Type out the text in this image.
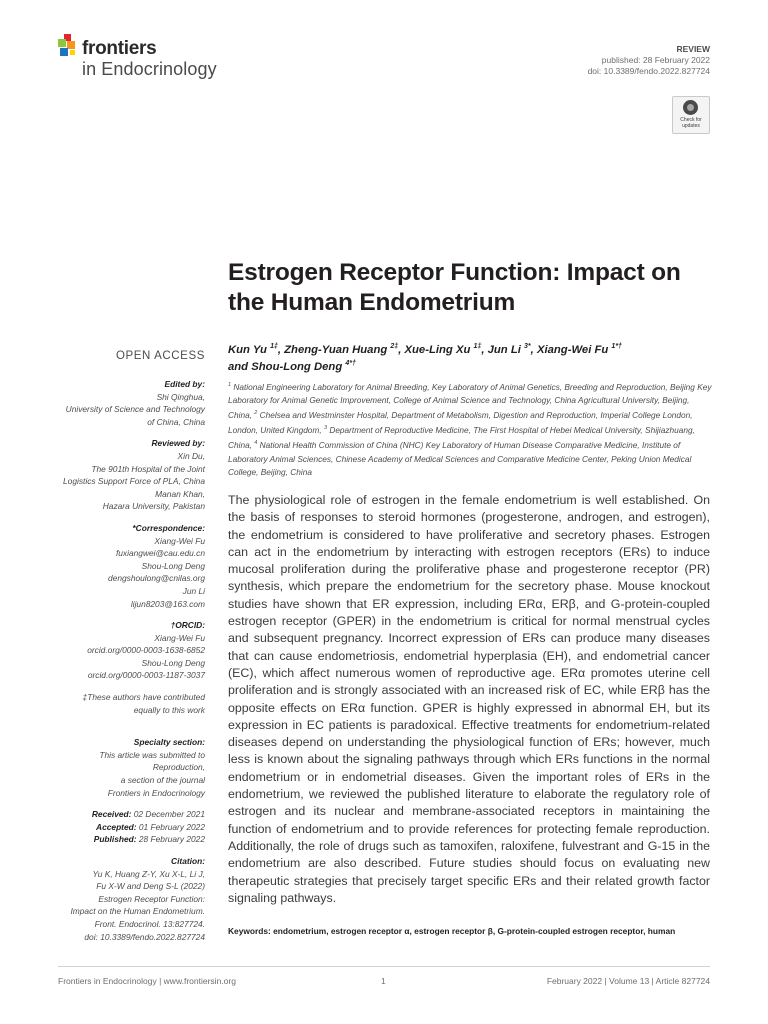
frontiers
in Endocrinology
REVIEW
published: 28 February 2022
doi: 10.3389/fendo.2022.827724
Check for updates
Estrogen Receptor Function: Impact on the Human Endometrium
Kun Yu $^{1\ddagger}$, Zheng-Yuan Huang $^{2\ddagger}$, Xue-Ling Xu $^{1\ddagger}$, Jun Li $^{3*}$, Xiang-Wei Fu $^{1*\dagger}$
and Shou-Long Deng $^{4*\dagger}$
$^1$ National Engineering Laboratory for Animal Breeding, Key Laboratory of Animal Genetics, Breeding and Reproduction, Beijing Key Laboratory for Animal Genetic Improvement, College of Animal Science and Technology, China Agricultural University, Beijing, China, $^2$ Chelsea and Westminster Hospital, Department of Metabolism, Digestion and Reproduction, Imperial College London, London, United Kingdom, $^3$ Department of Reproductive Medicine, The First Hospital of Hebei Medical University, Shijiazhuang, China, $^4$ National Health Commission of China (NHC) Key Laboratory of Human Disease Comparative Medicine, Institute of Laboratory Animal Sciences, Chinese Academy of Medical Sciences and Comparative Medicine Center, Peking Union Medical College, Beijing, China
OPEN ACCESS
Edited by:
Shi Qinghua,
University of Science and Technology
of China, China
Reviewed by:
Xin Du,
The 901th Hospital of the Joint
Logistics Support Force of PLA, China
Manan Khan,
Hazara University, Pakistan
*Correspondence:
Xiang-Wei Fu
fuxiangwei@cau.edu.cn
Shou-Long Deng
dengshoulong@cnilas.org
Jun Li
lijun8203@163.com
†ORCID:
Xiang-Wei Fu
orcid.org/0000-0003-1638-6852
Shou-Long Deng
orcid.org/0000-0003-1187-3037
‡These authors have contributed
equally to this work
Specialty section:
This article was submitted to
Reproduction,
a section of the journal
Frontiers in Endocrinology
Received: 02 December 2021
Accepted: 01 February 2022
Published: 28 February 2022
Citation:
Yu K, Huang Z-Y, Xu X-L, Li J,
Fu X-W and Deng S-L (2022)
Estrogen Receptor Function:
Impact on the Human Endometrium.
Front. Endocrinol. 13:827724.
doi: 10.3389/fendo.2022.827724
The physiological role of estrogen in the female endometrium is well established. On the basis of responses to steroid hormones (progesterone, androgen, and estrogen), the endometrium is considered to have proliferative and secretory phases. Estrogen can act in the endometrium by interacting with estrogen receptors (ERs) to induce mucosal proliferation during the proliferative phase and progesterone receptor (PR) synthesis, which prepare the endometrium for the secretory phase. Mouse knockout studies have shown that ER expression, including ERα, ERβ, and G-protein-coupled estrogen receptor (GPER) in the endometrium is critical for normal menstrual cycles and subsequent pregnancy. Incorrect expression of ERs can produce many diseases that can cause endometriosis, endometrial hyperplasia (EH), and endometrial cancer (EC), which affect numerous women of reproductive age. ERα promotes uterine cell proliferation and is strongly associated with an increased risk of EC, while ERβ has the opposite effects on ERα function. GPER is highly expressed in abnormal EH, but its expression in EC patients is paradoxical. Effective treatments for endometrium-related diseases depend on understanding the physiological function of ERs; however, much less is known about the signaling pathways through which ERs functions in the normal endometrium or in endometrial diseases. Given the important roles of ERs in the endometrium, we reviewed the published literature to elaborate the regulatory role of estrogen and its nuclear and membrane-associated receptors in maintaining the function of endometrium and to provide references for protecting female reproduction. Additionally, the role of drugs such as tamoxifen, raloxifene, fulvestrant and G-15 in the endometrium are also described. Future studies should focus on evaluating new therapeutic strategies that precisely target specific ERs and their related growth factor signaling pathways.
Keywords: endometrium, estrogen receptor α, estrogen receptor β, G-protein-coupled estrogen receptor, human
Frontiers in Endocrinology | www.frontiersin.org	1	February 2022 | Volume 13 | Article 827724
